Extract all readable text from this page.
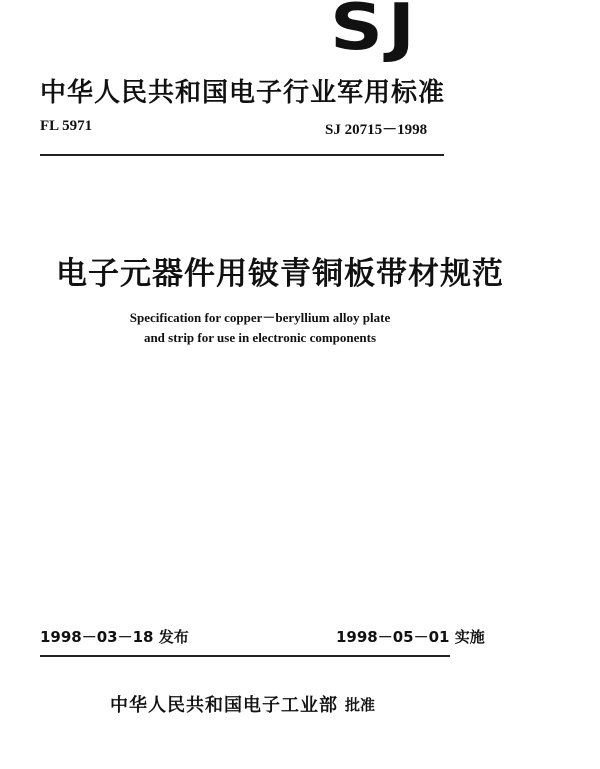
SJ
中华人民共和国电子行业军用标准
FL 5971	SJ 20715－1998
电子元器件用铍青铜板带材规范
Specification for copper－beryllium alloy plate
and strip for use in electronic components
1998－03－18 发布	1998－05－01 实施
中华人民共和国电子工业部 批准
